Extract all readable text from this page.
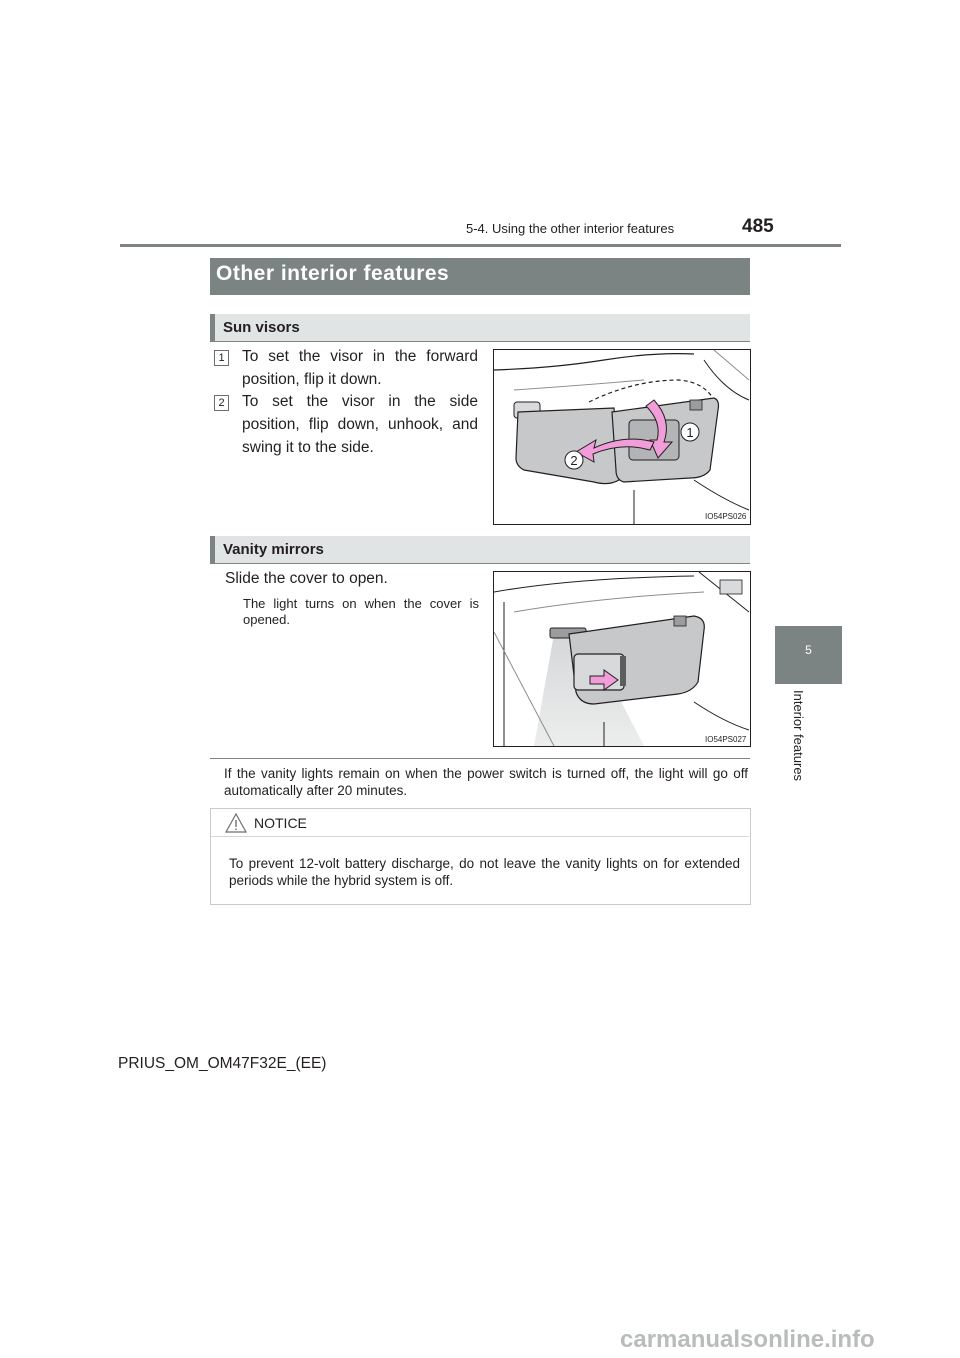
5-4. Using the other interior features	485
5
Interior features
Other interior features
Sun visors
1 To set the visor in the forward position, flip it down.
2 To set the visor in the side position, flip down, unhook, and swing it to the side.
1
2
IO54PS026
Vanity mirrors
Slide the cover to open.
The light turns on when the cover is opened.
IO54PS027
If the vanity lights remain on when the power switch is turned off, the light will go off automatically after 20 minutes.
NOTICE
To prevent 12-volt battery discharge, do not leave the vanity lights on for extended periods while the hybrid system is off.
PRIUS_OM_OM47F32E_(EE)
carmanualsonline.info
